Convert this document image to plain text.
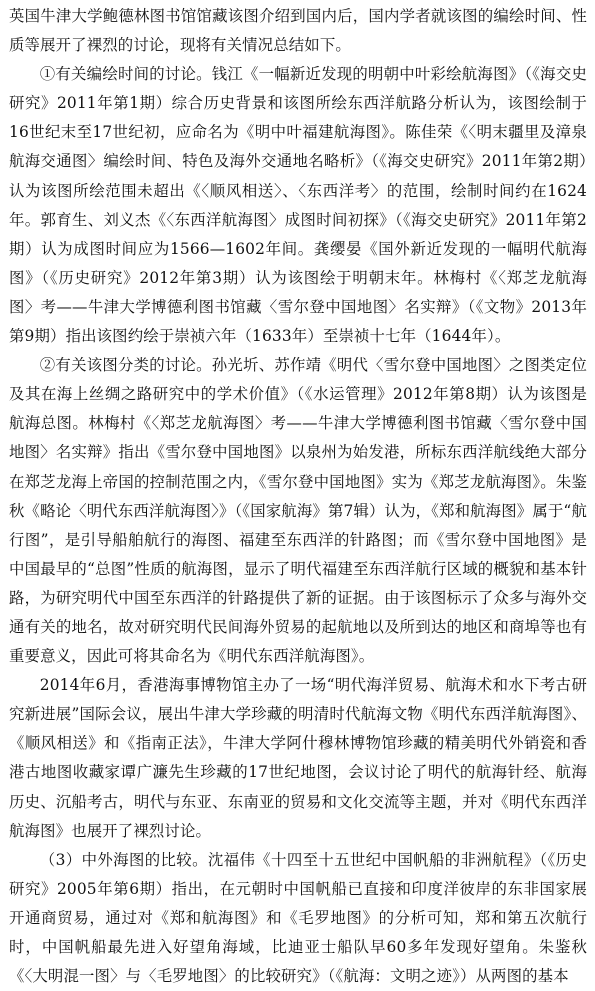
英国牛津大学鲍德林图书馆馆藏该图介绍到国内后，国内学者就该图的编绘时间、性质等展开了裸烈的讨论，现将有关情况总结如下。

①有关编绘时间的讨论。钱江《一幅新近发现的明朝中叶彩绘航海图》（《海交史研究》2011年第1期）综合历史背景和该图所绘东西洋航路分析认为，该图绘制于16世纪末至17世纪初，应命名为《明中叶福建航海图》。陈佳荣《〈明末疆里及漳泉航海交通图〉编绘时间、特色及海外交通地名略析》（《海交史研究》2011年第2期）认为该图所绘范围未超出《〈顺风相送〉、〈东西洋考〉的范围，绘制时间约在1624年。郭育生、刘义杰《〈东西洋航海图〉成图时间初探》（《海交史研究》2011年第2期）认为成图时间应为1566—1602年间。龚缨晏《国外新近发现的一幅明代航海图》（《历史研究》2012年第3期）认为该图绘于明朝末年。林梅村《〈郑芝龙航海图〉考——牛津大学博德利图书馆藏〈雪尔登中国地图〉名实辩》（《文物》2013年第9期）指出该图约绘于崇祯六年（1633年）至崇祯十七年（1644年）。

②有关该图分类的讨论。孙光圻、苏作靖《明代〈雪尔登中国地图〉之图类定位及其在海上丝绸之路研究中的学术价值》（《水运管理》2012年第8期）认为该图是航海总图。林梅村《〈郑芝龙航海图〉考——牛津大学博德利图书馆藏〈雪尔登中国地图〉名实辩》指出《雪尔登中国地图》以泉州为始发港，所标东西洋航线绝大部分在郑芝龙海上帝国的控制范围之内，《雪尔登中国地图》实为《郑芝龙航海图》。朱鉴秋《略论〈明代东西洋航海图〉》（《国家航海》第7辑）认为，《郑和航海图》属于“航行图”，是引导船舶航行的海图、福建至东西洋的针路图；而《雪尔登中国地图》是中国最早的“总图”性质的航海图，显示了明代福建至东西洋航行区域的概貌和基本针路，为研究明代中国至东西洋的针路提供了新的证据。由于该图标示了众多与海外交通有关的地名，故对研究明代民间海外贸易的起航地以及所到达的地区和商埠等也有重要意义，因此可将其命名为《明代东西洋航海图》。

2014年6月，香港海事博物馆主办了一场“明代海洋贸易、航海术和水下考古研究新进展”国际会议，展出牛津大学珍藏的明清时代航海文物《明代东西洋航海图》、《顺风相送》和《指南正法》，牛津大学阿什穆林博物馆珍藏的精美明代外销瓷和香港古地图收藏家谭广濂先生珍藏的17世纪地图，会议讨论了明代的航海针经、航海历史、沉船考古，明代与东亚、东南亚的贸易和文化交流等主题，并对《明代东西洋航海图》也展开了裸烈讨论。

（3）中外海图的比较。沈福伟《十四至十五世纪中国帆船的非洲航程》（《历史研究》2005年第6期）指出，在元朝时中国帆船已直接和印度洋彼岸的东非国家展开通商贸易，通过对《郑和航海图》和《毛罗地图》的分析可知，郑和第五次航行时，中国帆船最先进入好望角海域，比迪亚士船队早60多年发现好望角。朱鉴秋《〈大明混一图〉与〈毛罗地图〉的比较研究》（《航海：文明之迹》）从两图的基本
